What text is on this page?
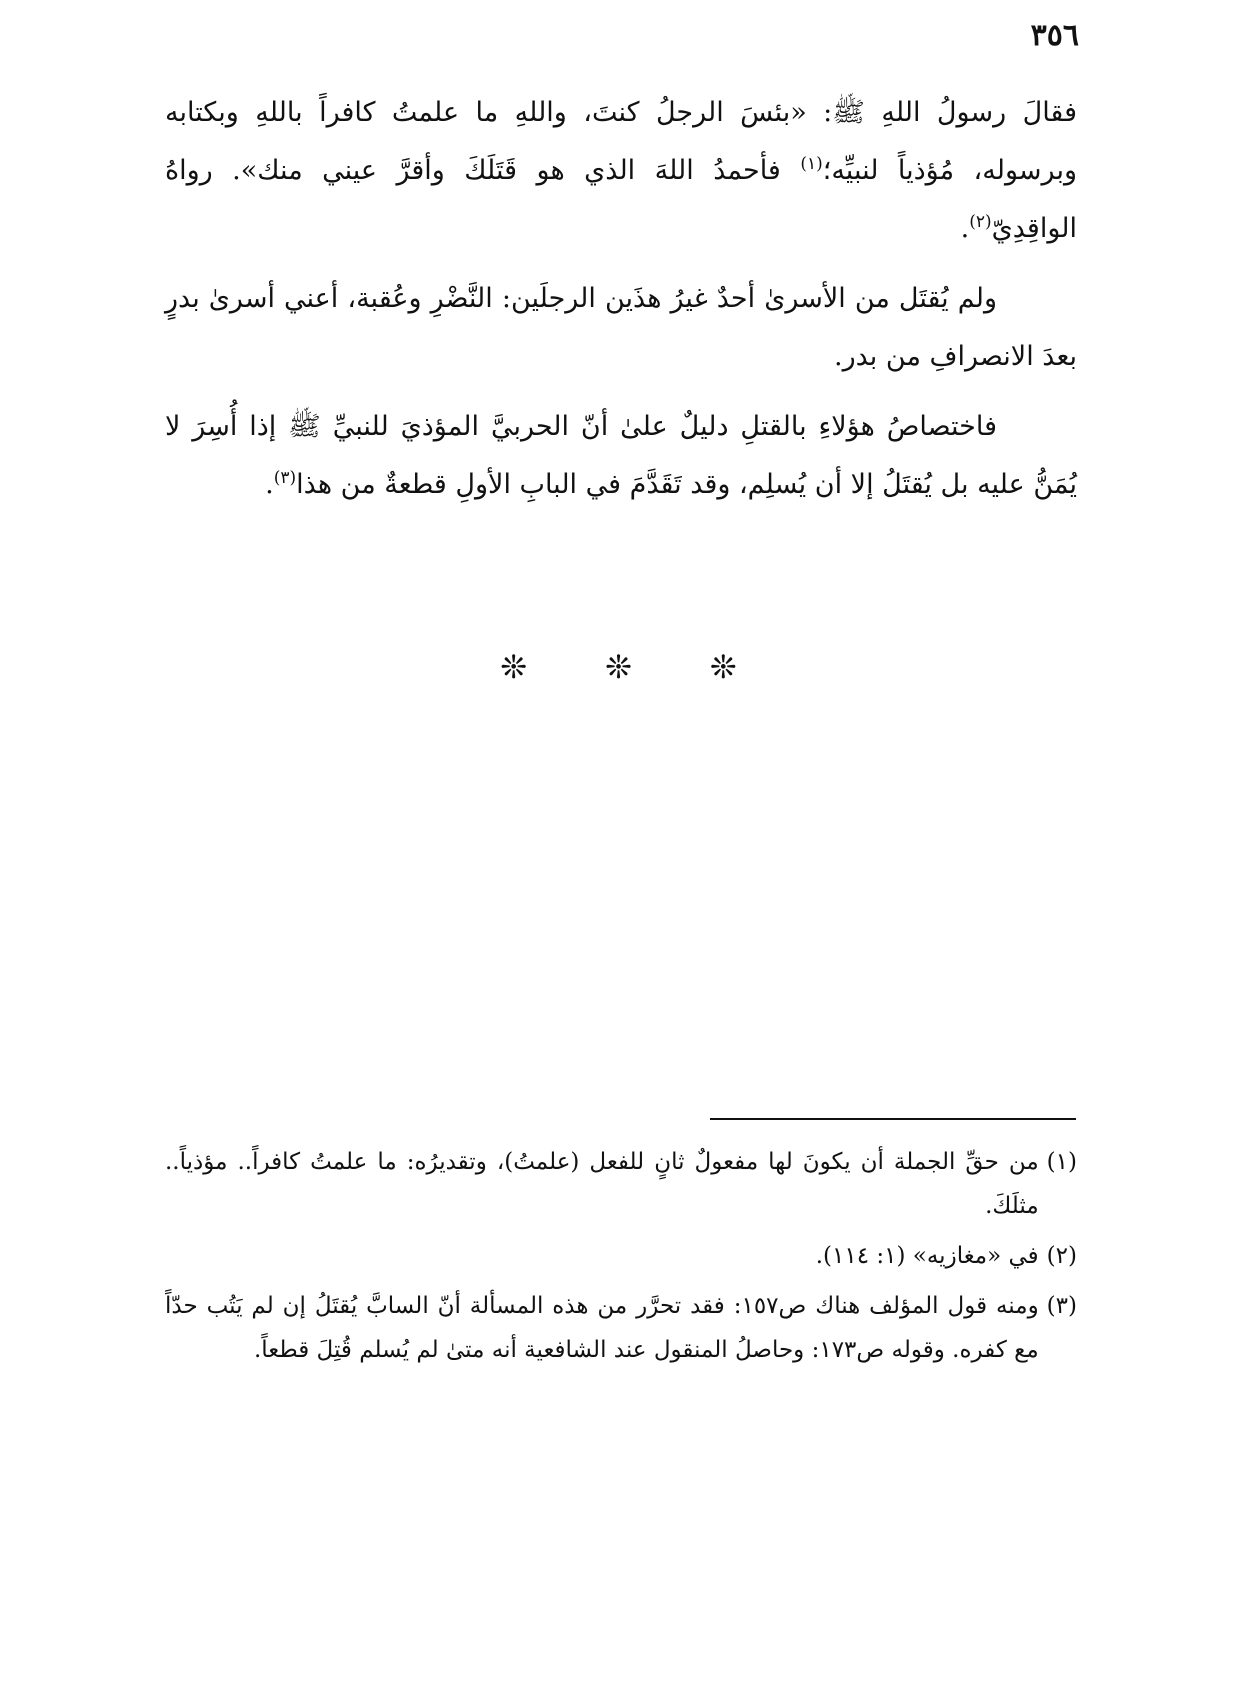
٣٥٦

فقالَ رسولُ اللهِ ﷺ: «بئسَ الرجلُ كنتَ، واللهِ ما علمتُ كافراً باللهِ وبكتابه وبرسوله، مُؤذياً لنبيِّه؛$^{(١)}$ فأحمدُ اللهَ الذي هو قَتَلَكَ وأقرَّ عيني منك». رواهُ الواقِدِيّ$^{(٢)}$.

ولم يُقتَل من الأسرىٰ أحدٌ غيرُ هذَين الرجلَين: النَّضْرِ وعُقبة، أعني أسرىٰ بدرٍ بعدَ الانصرافِ من بدر.

فاختصاصُ هؤلاءِ بالقتلِ دليلٌ علىٰ أنّ الحربيَّ المؤذيَ للنبيِّ ﷺ إذا أُسِرَ لا يُمَنُّ عليه بل يُقتَلُ إلا أن يُسلِم، وقد تَقَدَّمَ في البابِ الأولِ قطعةٌ من هذا$^{(٣)}$.

❊ ❊ ❊
(١)
من حقِّ الجملة أن يكونَ لها مفعولٌ ثانٍ للفعل (علمتُ)، وتقديرُه: ما علمتُ كافراً.. مؤذياً.. مثلَكَ.
(٢)
في «مغازيه» (١: ١١٤).
(٣)
ومنه قول المؤلف هناك ص١٥٧: فقد تحرَّر من هذه المسألة أنّ السابَّ يُقتَلُ إن لم يَتُب حدّاً مع كفره. وقوله ص١٧٣: وحاصلُ المنقول عند الشافعية أنه متىٰ لم يُسلم قُتِلَ قطعاً.
